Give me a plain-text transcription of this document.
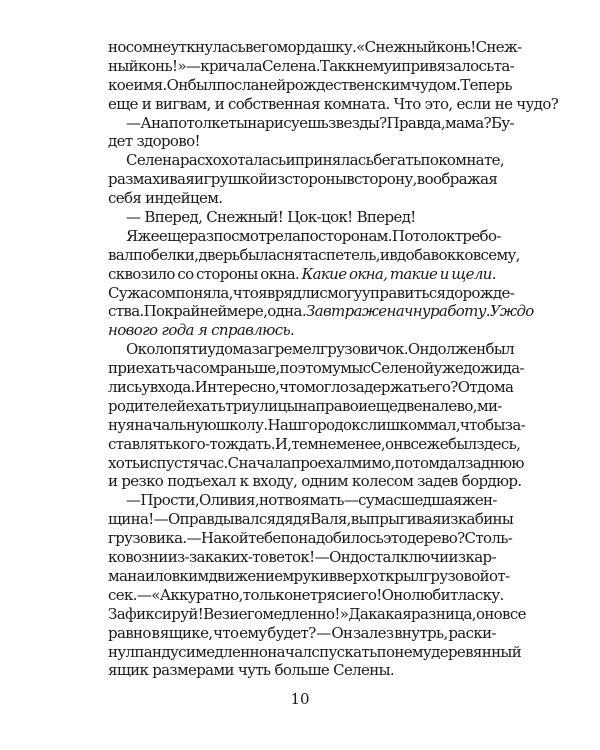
носом не уткнулась в его мордашку. «Снежный конь! Снеж-
ный конь!» — кричала Селена. Так к нему и привязалось та-
кое имя. Он был послан ей рождественским чудом. Теперь
еще и вигвам, и собственная комната. Что это, если не чудо?
— А на потолке ты нарисуешь звезды? Правда, мама? Бу-
дет здорово!
Селена расхохоталась и принялась бегать по комнате,
размахивая игрушкой из стороны в сторону, воображая
себя индейцем.
— Вперед, Снежный! Цок-цок! Вперед!
Я же еще раз посмотрела по сторонам. Потолок требо-
вал побелки, дверь была снята с петель, и вдобавок ко всему,
сквозило со стороны окна. Какие окна, такие и щели.
С ужасом поняла, что я вряд ли смогу управиться до рожде-
ства. По крайней мере, одна. Завтра же начну работу. Уж до
нового года я справлюсь.
Около пяти у дома загремел грузовичок. Он должен был
приехать часом раньше, поэтому мы с Селеной уже дожида-
лись у входа. Интересно, что могло задержать его? От дома
родителей ехать три улицы направо и еще две налево, ми-
нуя начальную школу. Наш городок слишком мал, чтобы за-
ставлять кого-то ждать. И, тем не менее, он все же был здесь,
хоть и спустя час. Сначала проехал мимо, потом дал заднюю
и резко подъехал к входу, одним колесом задев бордюр.
— Прости, Оливия, но твоя мать — сумасшедшая жен-
щина! — Оправдывался дядя Валя, выпрыгивая из кабины
грузовика. — На кой тебе понадобилось это дерево? Столь-
ко возни из-за каких-то веток! — Он достал ключи из кар-
мана и ловким движением руки вверх открыл грузовой от-
сек. — «Аккуратно, только не тряси его! Оно любит ласку.
Зафиксируй! Вези его медленно!» Да какая разница, оно все
равно в ящике, что ему будет? — Он залез внутрь, раски-
нул пандус и медленно начал спускать по нему деревянный
ящик размерами чуть больше Селены.
10
